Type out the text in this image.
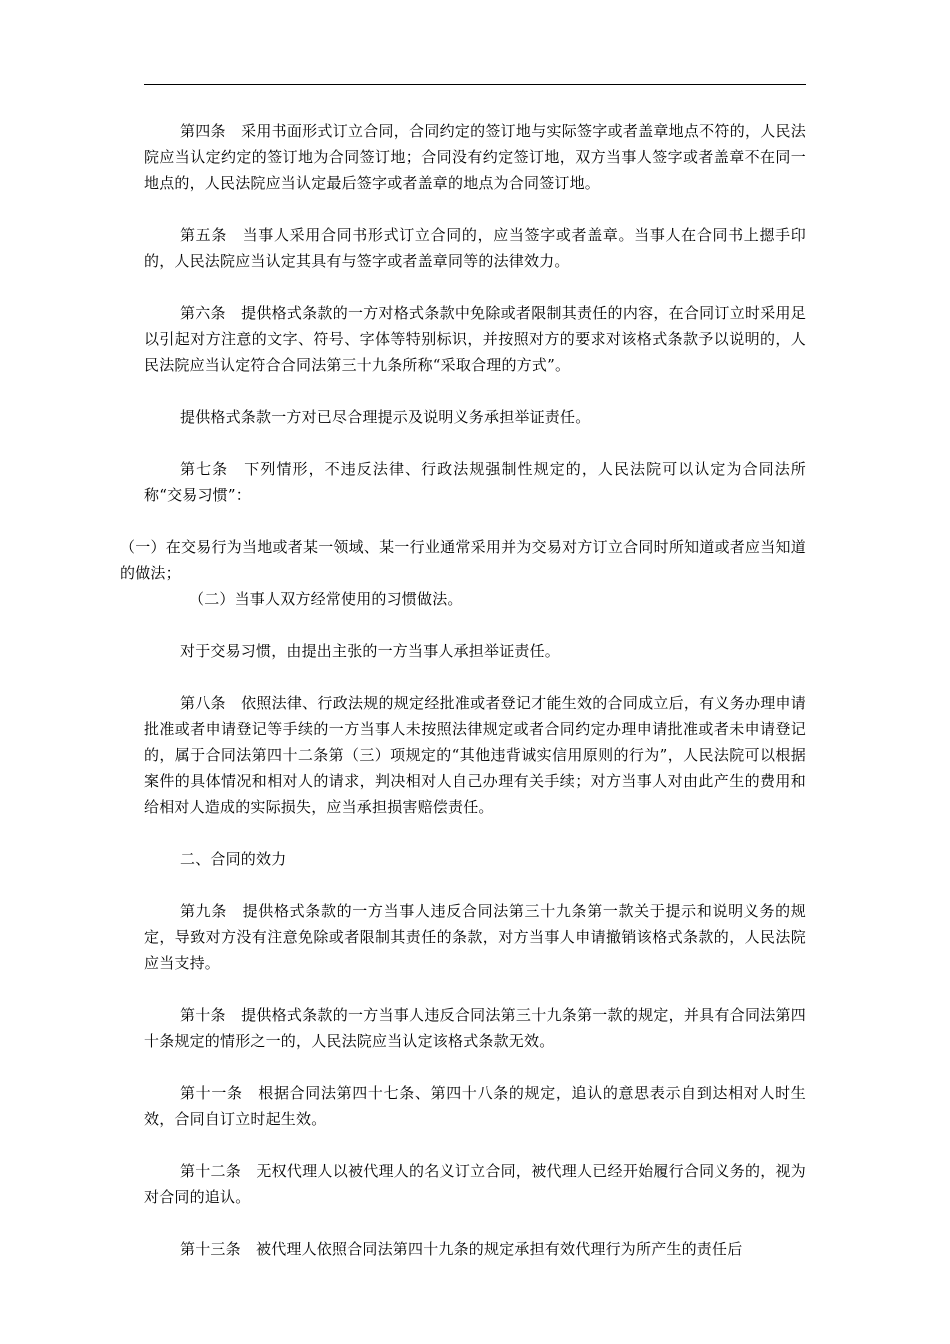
第四条　采用书面形式订立合同，合同约定的签订地与实际签字或者盖章地点不符的，人民法院应当认定约定的签订地为合同签订地；合同没有约定签订地，双方当事人签字或者盖章不在同一地点的，人民法院应当认定最后签字或者盖章的地点为合同签订地。

第五条　当事人采用合同书形式订立合同的，应当签字或者盖章。当事人在合同书上摁手印的，人民法院应当认定其具有与签字或者盖章同等的法律效力。

第六条　提供格式条款的一方对格式条款中免除或者限制其责任的内容，在合同订立时采用足以引起对方注意的文字、符号、字体等特别标识，并按照对方的要求对该格式条款予以说明的，人民法院应当认定符合合同法第三十九条所称“采取合理的方式”。

提供格式条款一方对已尽合理提示及说明义务承担举证责任。

第七条　下列情形，不违反法律、行政法规强制性规定的，人民法院可以认定为合同法所称“交易习惯”：

（一）在交易行为当地或者某一领域、某一行业通常采用并为交易对方订立合同时所知道或者应当知道的做法；

（二）当事人双方经常使用的习惯做法。

对于交易习惯，由提出主张的一方当事人承担举证责任。

第八条　依照法律、行政法规的规定经批准或者登记才能生效的合同成立后，有义务办理申请批准或者申请登记等手续的一方当事人未按照法律规定或者合同约定办理申请批准或者未申请登记的，属于合同法第四十二条第（三）项规定的“其他违背诚实信用原则的行为”，人民法院可以根据案件的具体情况和相对人的请求，判决相对人自己办理有关手续；对方当事人对由此产生的费用和给相对人造成的实际损失，应当承担损害赔偿责任。

二、合同的效力

第九条　提供格式条款的一方当事人违反合同法第三十九条第一款关于提示和说明义务的规定，导致对方没有注意免除或者限制其责任的条款，对方当事人申请撤销该格式条款的，人民法院应当支持。

第十条　提供格式条款的一方当事人违反合同法第三十九条第一款的规定，并具有合同法第四十条规定的情形之一的，人民法院应当认定该格式条款无效。

第十一条　根据合同法第四十七条、第四十八条的规定，追认的意思表示自到达相对人时生效，合同自订立时起生效。

第十二条　无权代理人以被代理人的名义订立合同，被代理人已经开始履行合同义务的，视为对合同的追认。

第十三条　被代理人依照合同法第四十九条的规定承担有效代理行为所产生的责任后
